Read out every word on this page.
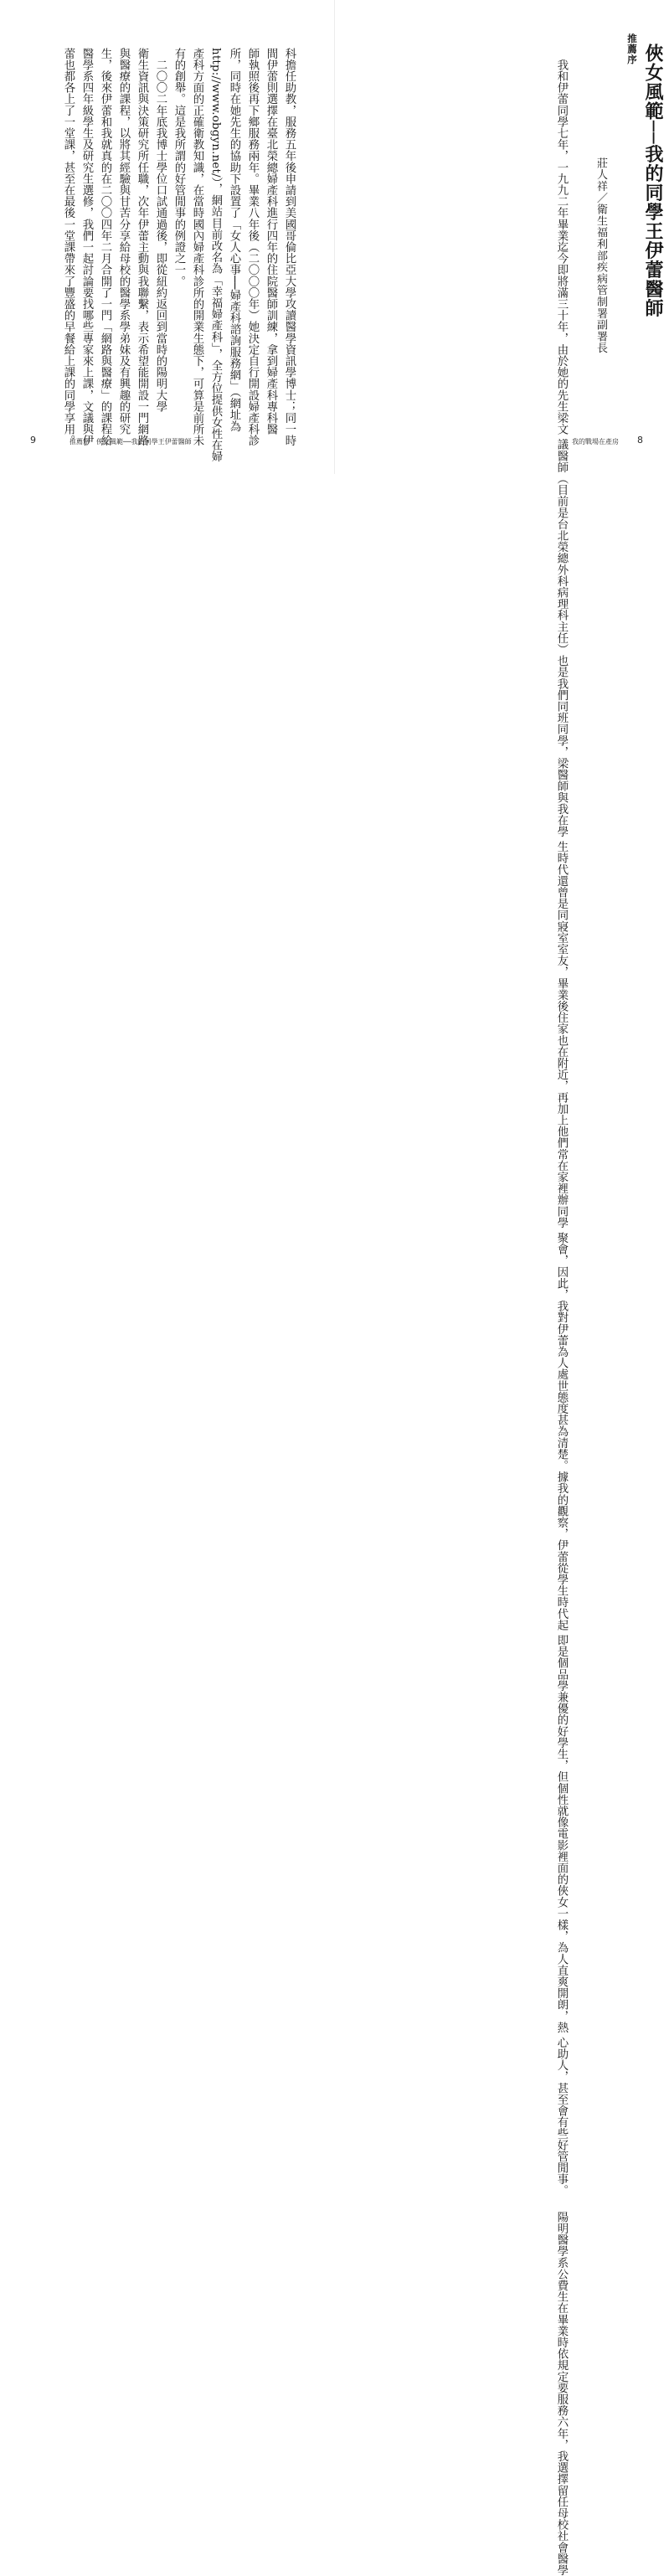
科擔任助教，服務五年後申請到美國哥倫比亞大學攻讀醫學資訊學博士；同一時
間伊蕾則選擇在臺北榮總婦產科進行四年的住院醫師訓練，拿到婦產科專科醫
師執照後再下鄉服務兩年。畢業八年後（二〇〇〇年）她決定自行開設婦產科診
所，同時在她先生的協助下設置了「女人心事──婦產科諮詢服務網」（網址為
http://www.obgyn.net/），網站目前改名為「幸福婦產科」，全方位提供女性在婦
產科方面的正確衛教知識，在當時國內婦產科診所的開業生態下，可算是前所未
有的創舉。這是我所謂的好管閒事的例證之一。
　二〇〇二年底我博士學位口試通過後，即從紐約返回到當時的陽明大學
衛生資訊與決策研究所任職，次年伊蕾主動與我聯繫，表示希望能開設一門網路
與醫療的課程，以將其經驗與甘苦分享給母校的醫學系學弟妹及有興趣的研究
生，後來伊蕾和我就真的在二〇〇四年二月合開了一門「網路與醫療」的課程給
醫學系四年級學生及研究生選修，我們一起討論要找哪些專家來上課，文議與伊
蕾也都各上了一堂課，甚至在最後一堂課帶來了豐盛的早餐給上課的同學享用。
9	推薦序　俠女風範──我的同學王伊蕾醫師
推薦序 俠女風範──我的同學王伊蕾醫師
莊人祥／衛生福利部疾病管制署副署長
　我和伊蕾同學七年，一九九二年畢業迄今即將滿三十年，由於她的先生梁文 議醫師（目前是台北榮總外科病理科主任）也是我們同班同學，梁醫師與我在學 生時代還曾是同寢室室友，畢業後住家也在附近，再加上他們常在家裡辦同學 聚會，因此，我對伊蕾為人處世態度甚為清楚。據我的觀察，伊蕾從學生時代起 即是個品學兼優的好學生，但個性就像電影裡面的俠女一樣，為人直爽開朗，熱 心助人，甚至會有些好管閒事。 　陽明醫學系公費生在畢業時依規定要服務六年，我選擇留任母校社會醫學
我的戰場在產房 8
